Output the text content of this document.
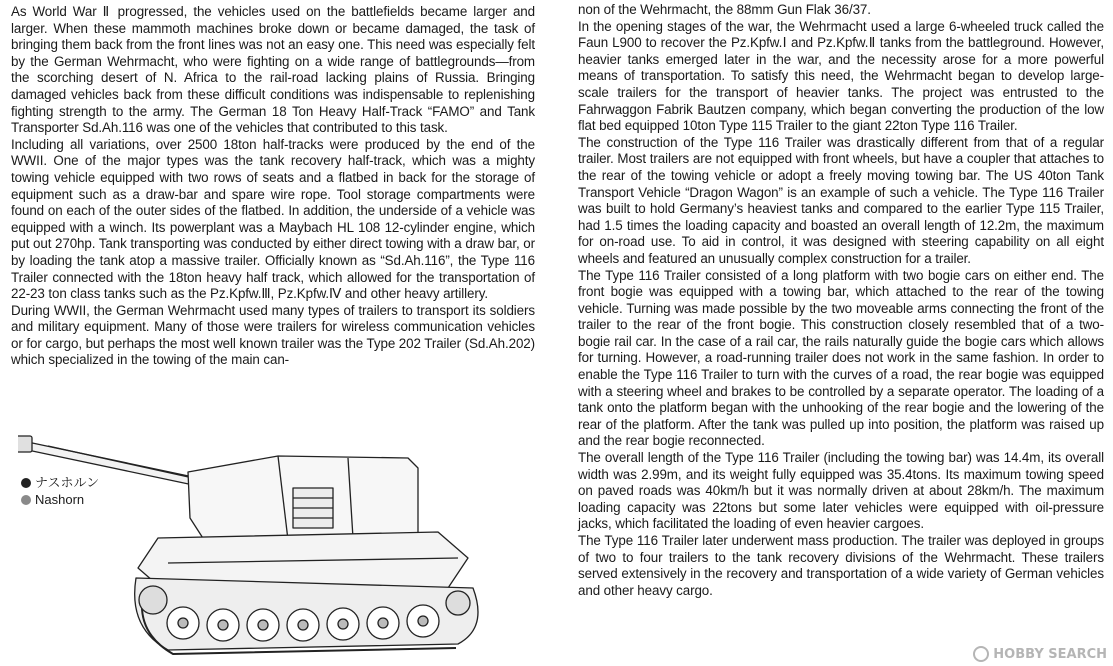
As World War Ⅱ progressed, the vehicles used on the battlefields became larger and larger. When these mammoth machines broke down or became damaged, the task of bringing them back from the front lines was not an easy one. This need was especially felt by the German Wehrmacht, who were fighting on a wide range of battlegrounds—from the scorching desert of N. Africa to the rail-road lacking plains of Russia. Bringing damaged vehicles back from these difficult conditions was indispensable to replenishing fighting strength to the army. The German 18 Ton Heavy Half-Track “FAMO” and Tank Transporter Sd.Ah.116 was one of the vehicles that contributed to this task.

Including all variations, over 2500 18ton half-tracks were produced by the end of the WWII. One of the major types was the tank recovery half-track, which was a mighty towing vehicle equipped with two rows of seats and a flatbed in back for the storage of equipment such as a draw-bar and spare wire rope. Tool storage compartments were found on each of the outer sides of the flatbed. In addition, the underside of a vehicle was equipped with a winch. Its powerplant was a Maybach HL 108 12-cylinder engine, which put out 270hp. Tank transporting was conducted by either direct towing with a draw bar, or by loading the tank atop a massive trailer. Officially known as “Sd.Ah.116”, the Type 116 Trailer connected with the 18ton heavy half track, which allowed for the transportation of 22-23 ton class tanks such as the Pz.Kpfw.Ⅲ, Pz.Kpfw.Ⅳ and other heavy artillery.

During WWII, the German Wehrmacht used many types of trailers to transport its soldiers and military equipment. Many of those were trailers for wireless communication vehicles or for cargo, but perhaps the most well known trailer was the Type 202 Trailer (Sd.Ah.202) which specialized in the towing of the main can-

non of the Wehrmacht, the 88mm Gun Flak 36/37.

In the opening stages of the war, the Wehrmacht used a large 6-wheeled truck called the Faun L900 to recover the Pz.Kpfw.Ⅰ and Pz.Kpfw.Ⅱ tanks from the battleground. However, heavier tanks emerged later in the war, and the necessity arose for a more powerful means of transportation. To satisfy this need, the Wehrmacht began to develop large-scale trailers for the transport of heavier tanks. The project was entrusted to the Fahrwaggon Fabrik Bautzen company, which began converting the production of the low flat bed equipped 10ton Type 115 Trailer to the giant 22ton Type 116 Trailer.

The construction of the Type 116 Trailer was drastically different from that of a regular trailer. Most trailers are not equipped with front wheels, but have a coupler that attaches to the rear of the towing vehicle or adopt a freely moving towing bar. The US 40ton Tank Transport Vehicle “Dragon Wagon” is an example of such a vehicle. The Type 116 Trailer was built to hold Germany’s heaviest tanks and compared to the earlier Type 115 Trailer, had 1.5 times the loading capacity and boasted an overall length of 12.2m, the maximum for on-road use. To aid in control, it was designed with steering capability on all eight wheels and featured an unusually complex construction for a trailer.

The Type 116 Trailer consisted of a long platform with two bogie cars on either end. The front bogie was equipped with a towing bar, which attached to the rear of the towing vehicle. Turning was made possible by the two moveable arms connecting the front of the trailer to the rear of the front bogie. This construction closely resembled that of a two-bogie rail car. In the case of a rail car, the rails naturally guide the bogie cars which allows for turning. However, a road-running trailer does not work in the same fashion. In order to enable the Type 116 Trailer to turn with the curves of a road, the rear bogie was equipped with a steering wheel and brakes to be controlled by a separate operator. The loading of a tank onto the platform began with the unhooking of the rear bogie and the lowering of the rear of the platform. After the tank was pulled up into position, the platform was raised up and the rear bogie reconnected.

The overall length of the Type 116 Trailer (including the towing bar) was 14.4m, its overall width was 2.99m, and its weight fully equipped was 35.4tons. Its maximum towing speed on paved roads was 40km/h but it was normally driven at about 28km/h. The maximum loading capacity was 22tons but some later vehicles were equipped with oil-pressure jacks, which facilitated the loading of even heavier cargoes.

The Type 116 Trailer later underwent mass production. The trailer was deployed in groups of two to four trailers to the tank recovery divisions of the Wehrmacht. These trailers served extensively in the recovery and transportation of a wide variety of German vehicles and other heavy cargo.

ナスホルン
Nashorn
HOBBY SEARCH
